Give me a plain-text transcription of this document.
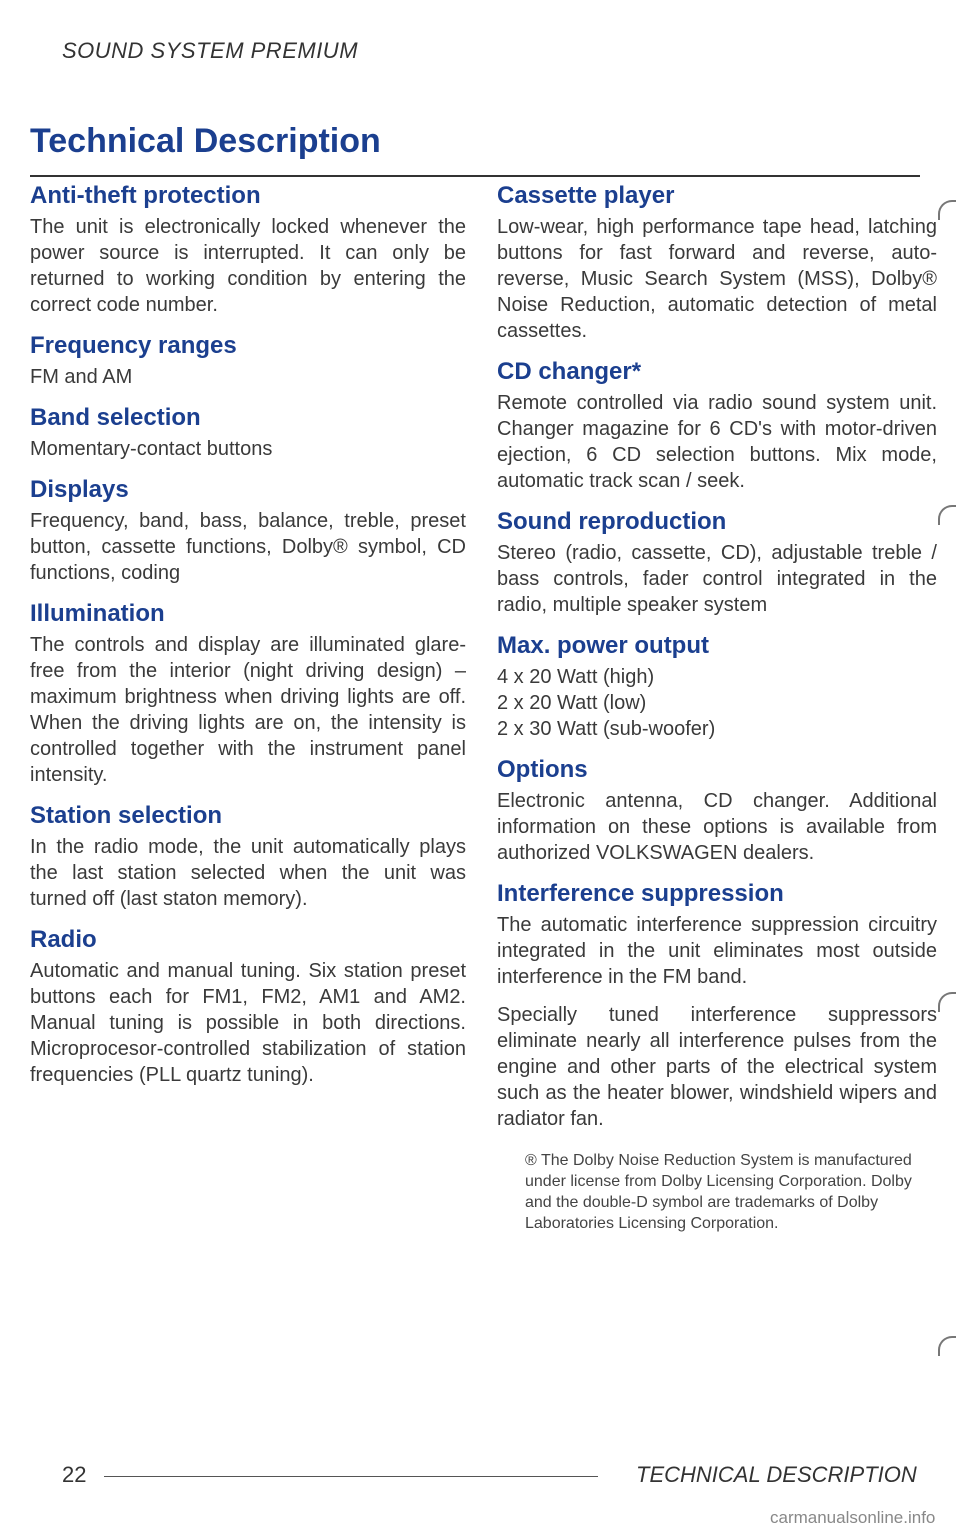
SOUND SYSTEM PREMIUM
Technical Description
Anti-theft protection

The unit is electronically locked whenever the power source is interrupted. It can only be returned to working condition by entering the correct code number.

Frequency ranges

FM and AM

Band selection

Momentary-contact buttons

Displays

Frequency, band, bass, balance, treble, preset button, cassette functions, Dolby® symbol, CD functions, coding

Illumination

The controls and display are illuminated glare-free from the interior (night driving design) – maximum brightness when driving lights are off. When the driving lights are on, the intensity is controlled together with the instrument panel intensity.

Station selection

In the radio mode, the unit automatically plays the last station selected when the unit was turned off (last staton memory).

Radio

Automatic and manual tuning. Six station preset buttons each for FM1, FM2, AM1 and AM2. Manual tuning is possible in both directions. Microprocesor-controlled stabilization of station frequencies (PLL quartz tuning).

Cassette player

Low-wear, high performance tape head, latching buttons for fast forward and reverse, auto-reverse, Music Search System (MSS), Dolby® Noise Reduction, automatic detection of metal cassettes.

CD changer*

Remote controlled via radio sound system unit. Changer magazine for 6 CD's with motor-driven ejection, 6 CD selection buttons. Mix mode, automatic track scan / seek.

Sound reproduction

Stereo (radio, cassette, CD), adjustable treble / bass controls, fader control integrated in the radio, multiple speaker system

Max. power output
4 x 20 Watt (high)
2 x 20 Watt (low)
2 x 30 Watt (sub-woofer)
Options

Electronic antenna, CD changer. Additional information on these options is available from authorized VOLKSWAGEN dealers.

Interference suppression

The automatic interference suppression circuitry integrated in the unit eliminates most outside interference in the FM band.

Specially tuned interference suppressors eliminate nearly all interference pulses from the engine and other parts of the electrical system such as the heater blower, windshield wipers and radiator fan.

® The Dolby Noise Reduction System is manufactured under license from Dolby Licensing Corporation. Dolby and the double-D symbol are trademarks of Dolby Laboratories Licensing Corporation.
22	TECHNICAL DESCRIPTION
carmanualsonline.info
